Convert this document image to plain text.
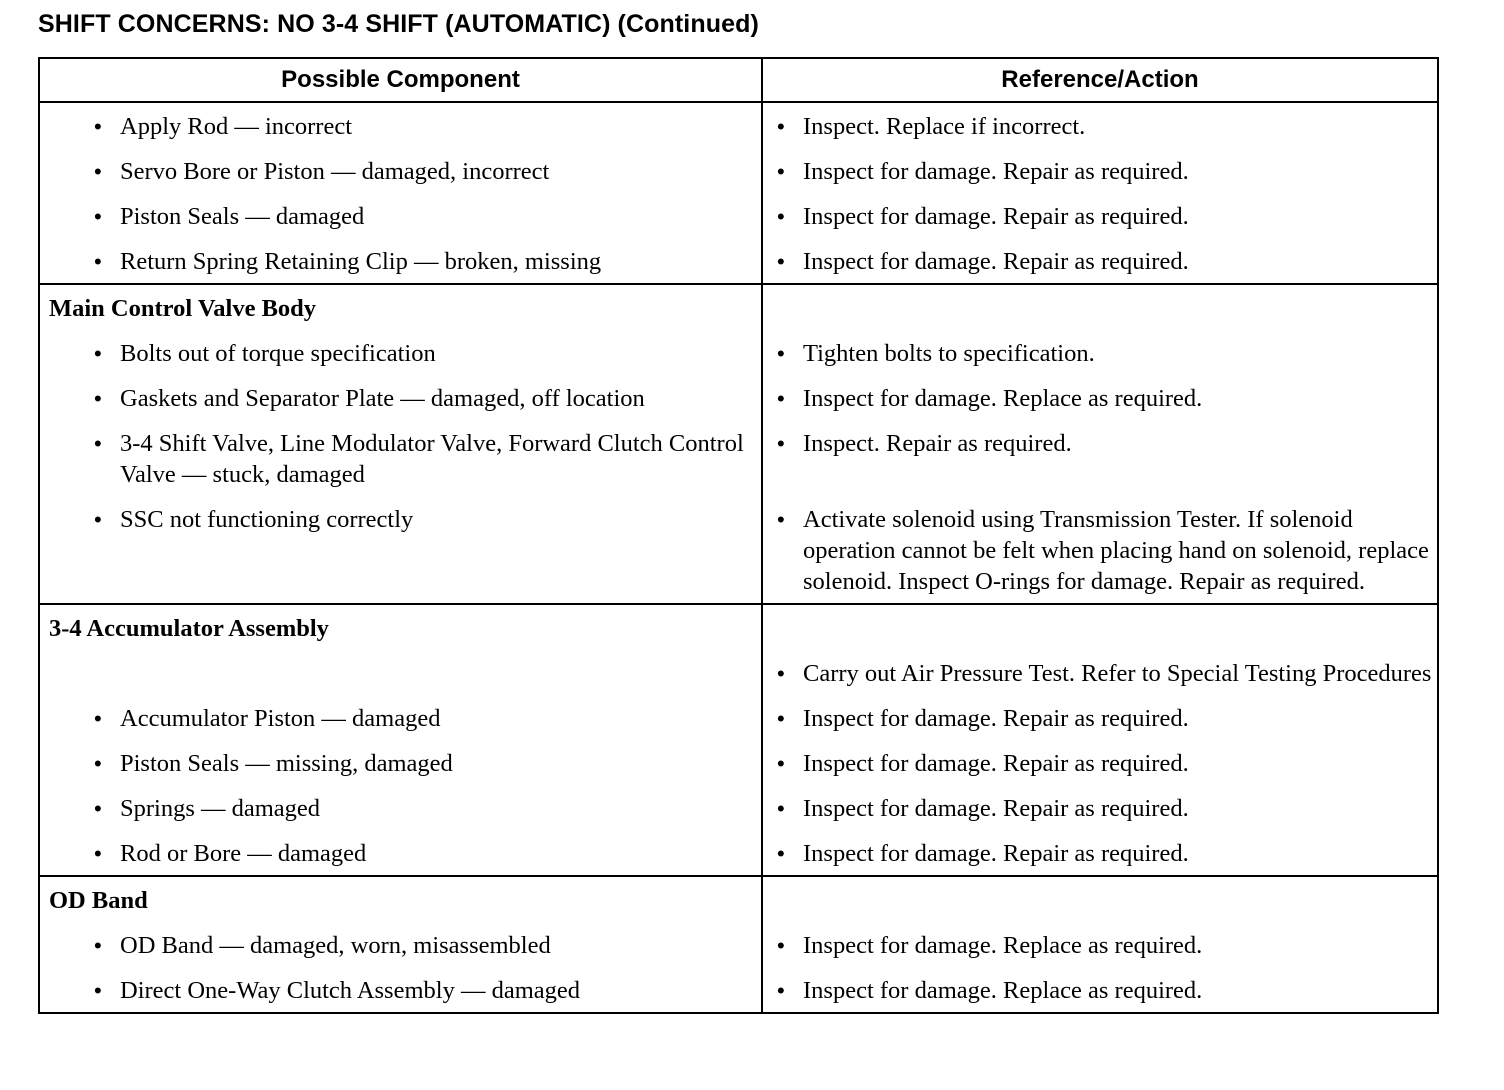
SHIFT CONCERNS: NO 3-4 SHIFT (AUTOMATIC) (Continued)
Possible Component	Reference/Action

• Apply Rod — incorrect	• Inspect. Replace if incorrect.

• Servo Bore or Piston — damaged, incorrect	• Inspect for damage. Repair as required.

• Piston Seals — damaged	• Inspect for damage. Repair as required.

• Return Spring Retaining Clip — broken, missing	• Inspect for damage. Repair as required.

Main Control Valve Body	

• Bolts out of torque specification	• Tighten bolts to specification.

• Gaskets and Separator Plate — damaged, off location	• Inspect for damage. Replace as required.

• 3-4 Shift Valve, Line Modulator Valve, Forward Clutch Control Valve — stuck, damaged	• Inspect. Repair as required.

• SSC not functioning correctly	• Activate solenoid using Transmission Tester. If solenoid operation cannot be felt when placing hand on solenoid, replace solenoid. Inspect O-rings for damage. Repair as required.

3-4 Accumulator Assembly	

	• Carry out Air Pressure Test. Refer to Special Testing Procedures

• Accumulator Piston — damaged	• Inspect for damage. Repair as required.

• Piston Seals — missing, damaged	• Inspect for damage. Repair as required.

• Springs — damaged	• Inspect for damage. Repair as required.

• Rod or Bore — damaged	• Inspect for damage. Repair as required.

OD Band	

• OD Band — damaged, worn, misassembled	• Inspect for damage. Replace as required.

• Direct One-Way Clutch Assembly — damaged	• Inspect for damage. Replace as required.
